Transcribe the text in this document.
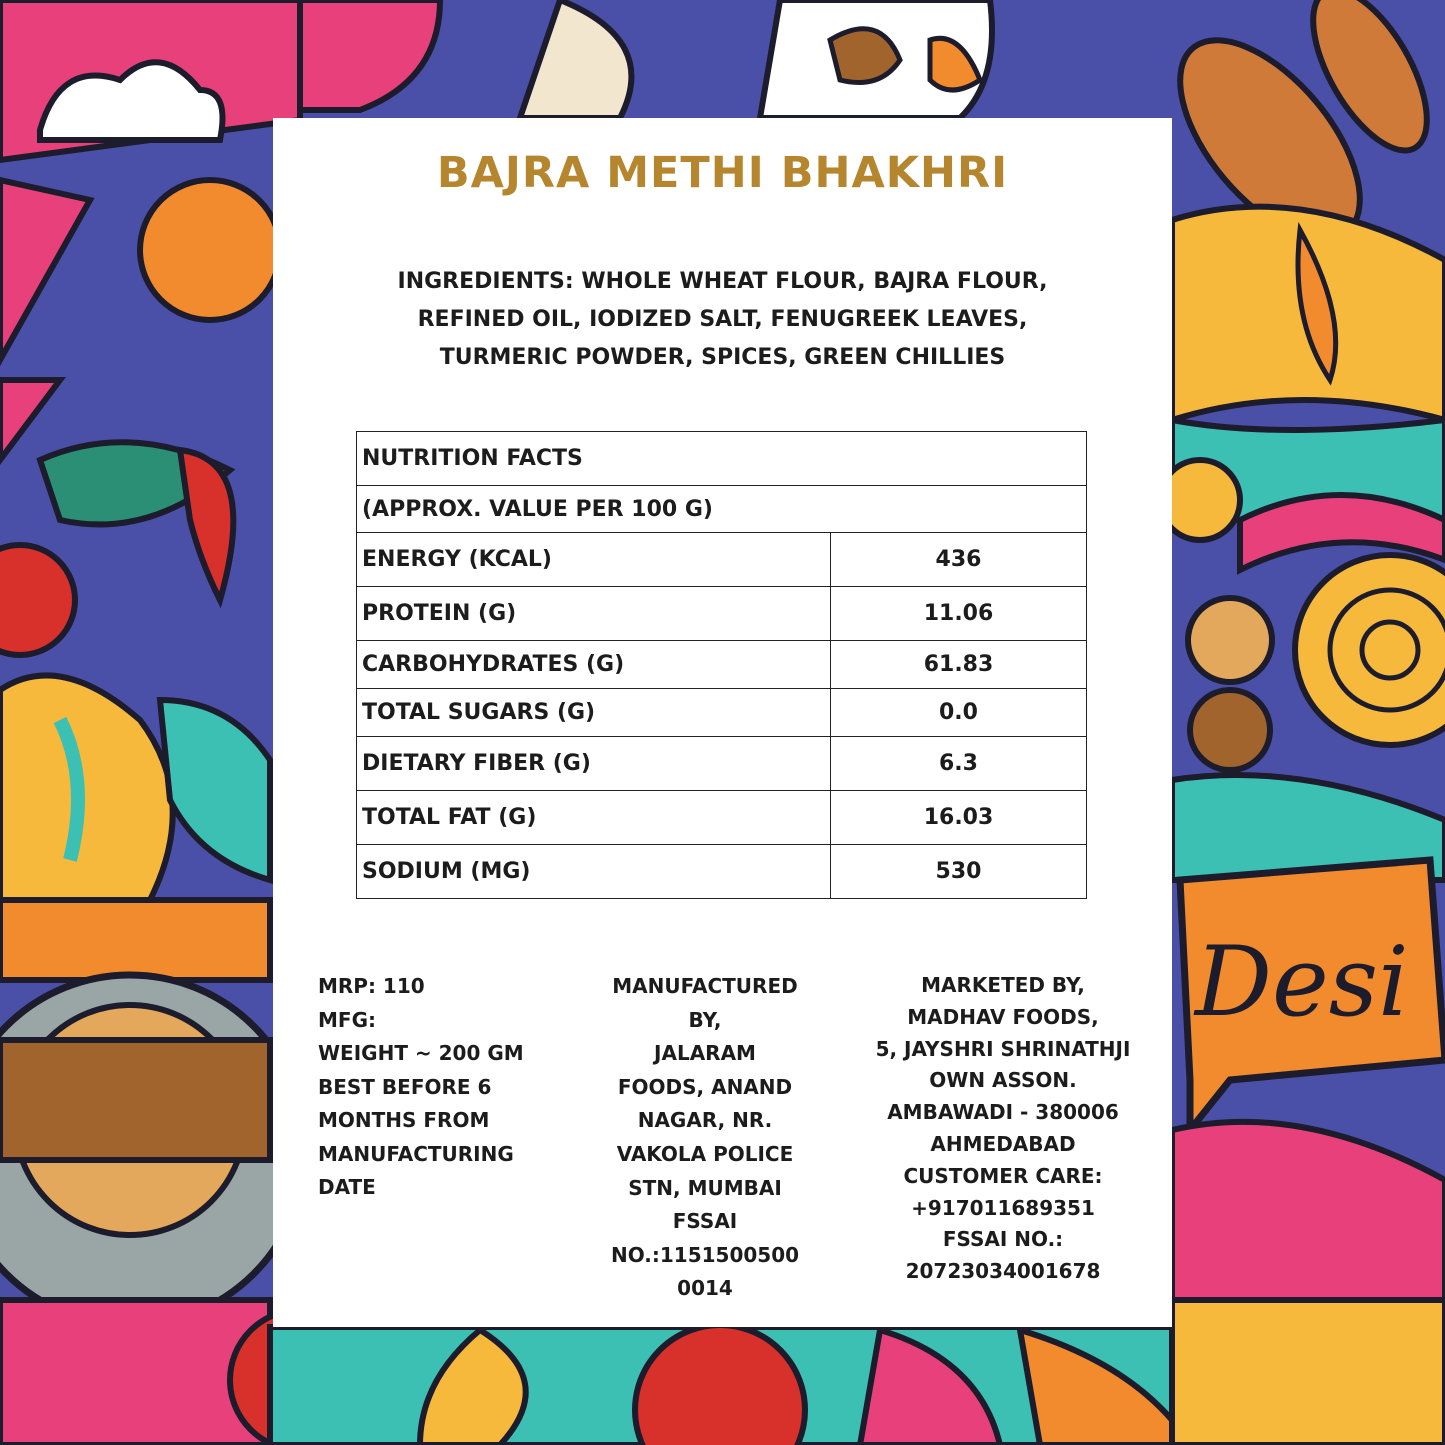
Desi
BAJRA METHI BHAKHRI
INGREDIENTS: WHOLE WHEAT FLOUR, BAJRA FLOUR,
REFINED OIL, IODIZED SALT, FENUGREEK LEAVES,
TURMERIC POWDER, SPICES, GREEN CHILLIES
NUTRITION FACTS	
(APPROX. VALUE PER 100 G)	
ENERGY (KCAL)	436
PROTEIN (G)	11.06
CARBOHYDRATES (G)	61.83
TOTAL SUGARS (G)	0.0
DIETARY FIBER (G)	6.3
TOTAL FAT (G)	16.03
SODIUM (MG)	530
MRP: 110
MFG:
WEIGHT ~ 200 GM
BEST BEFORE 6
MONTHS FROM
MANUFACTURING
DATE
MANUFACTURED
BY,
JALARAM
FOODS, ANAND
NAGAR, NR.
VAKOLA POLICE
STN, MUMBAI
FSSAI
NO.:1151500500
0014
MARKETED BY,
MADHAV FOODS,
5, JAYSHRI SHRINATHJI
OWN ASSON.
AMBAWADI - 380006
AHMEDABAD
CUSTOMER CARE:
+917011689351
FSSAI NO.:
20723034001678
